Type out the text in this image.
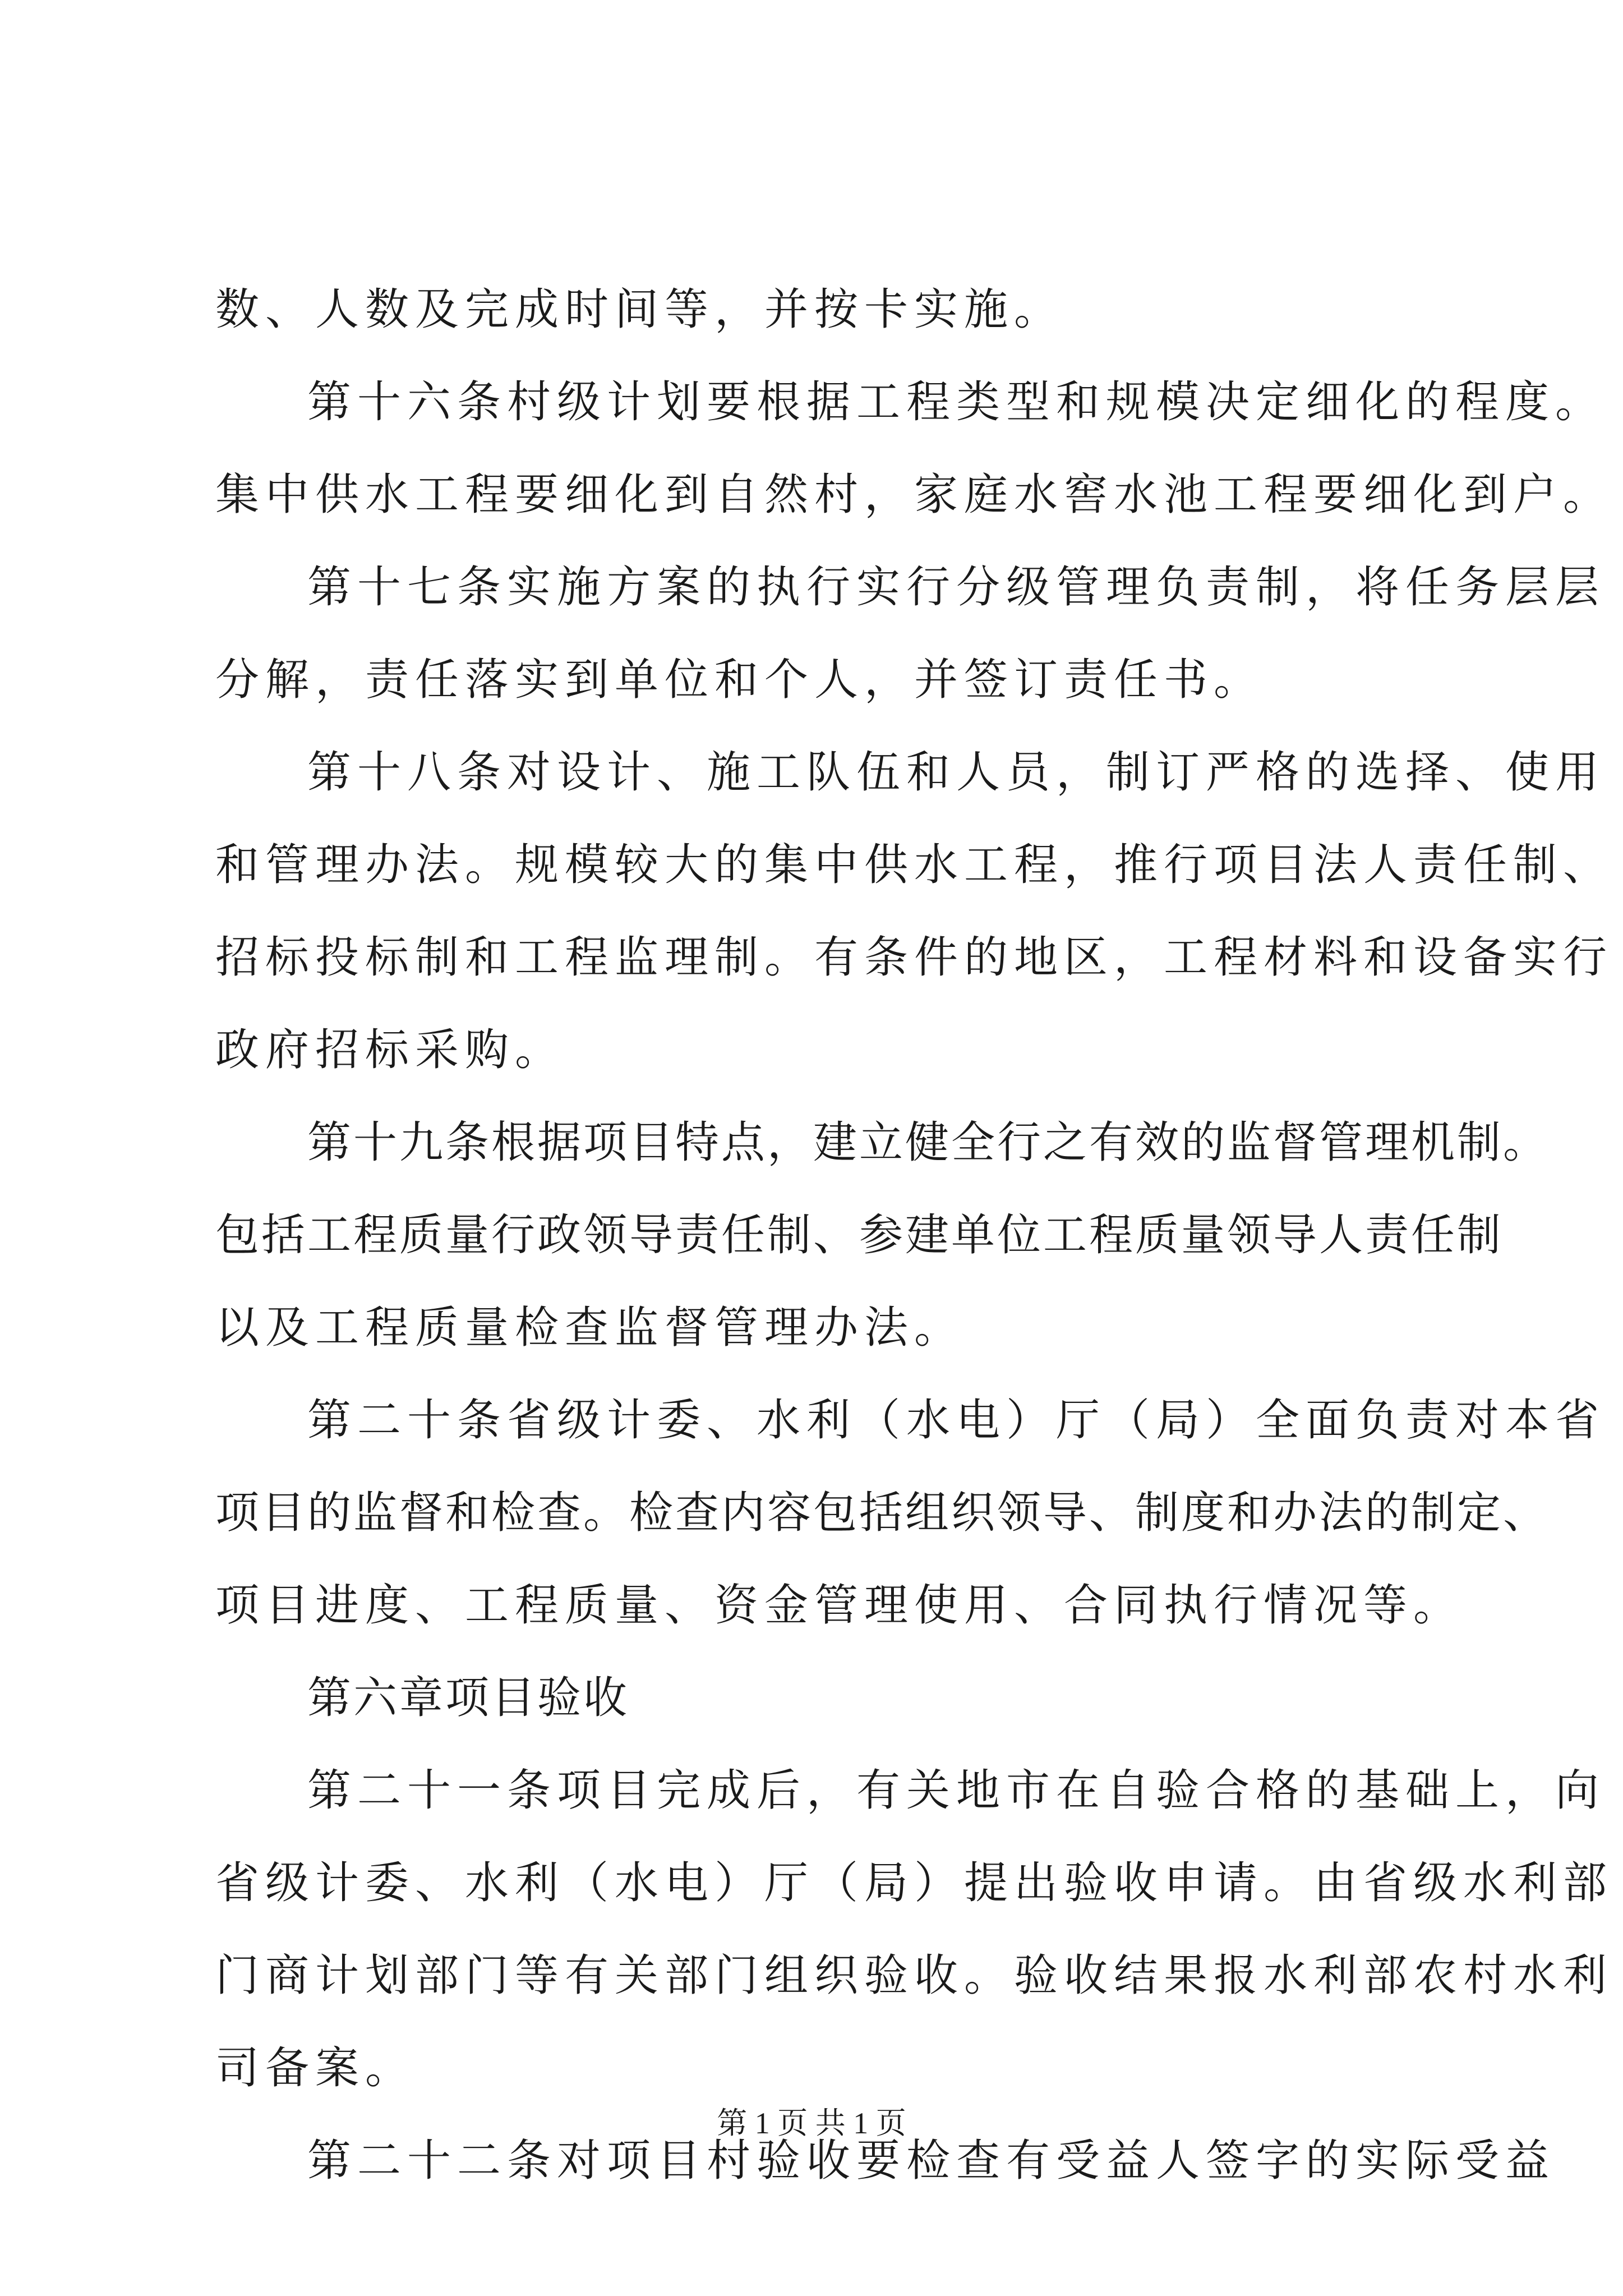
数、人数及完成时间等，并按卡实施。
第十六条村级计划要根据工程类型和规模决定细化的程度。
集中供水工程要细化到自然村，家庭水窖水池工程要细化到户。
第十七条实施方案的执行实行分级管理负责制，将任务层层
分解，责任落实到单位和个人，并签订责任书。
第十八条对设计、施工队伍和人员，制订严格的选择、使用
和管理办法。规模较大的集中供水工程，推行项目法人责任制、
招标投标制和工程监理制。有条件的地区，工程材料和设备实行
政府招标采购。
第十九条根据项目特点，建立健全行之有效的监督管理机制。
包括工程质量行政领导责任制、参建单位工程质量领导人责任制
以及工程质量检查监督管理办法。
第二十条省级计委、水利（水电）厅（局）全面负责对本省
项目的监督和检查。检查内容包括组织领导、制度和办法的制定、
项目进度、工程质量、资金管理使用、合同执行情况等。
第六章项目验收
第二十一条项目完成后，有关地市在自验合格的基础上，向
省级计委、水利（水电）厅（局）提出验收申请。由省级水利部
门商计划部门等有关部门组织验收。验收结果报水利部农村水利
司备案。
第二十二条对项目村验收要检查有受益人签字的实际受益
第 1 页 共 1 页
